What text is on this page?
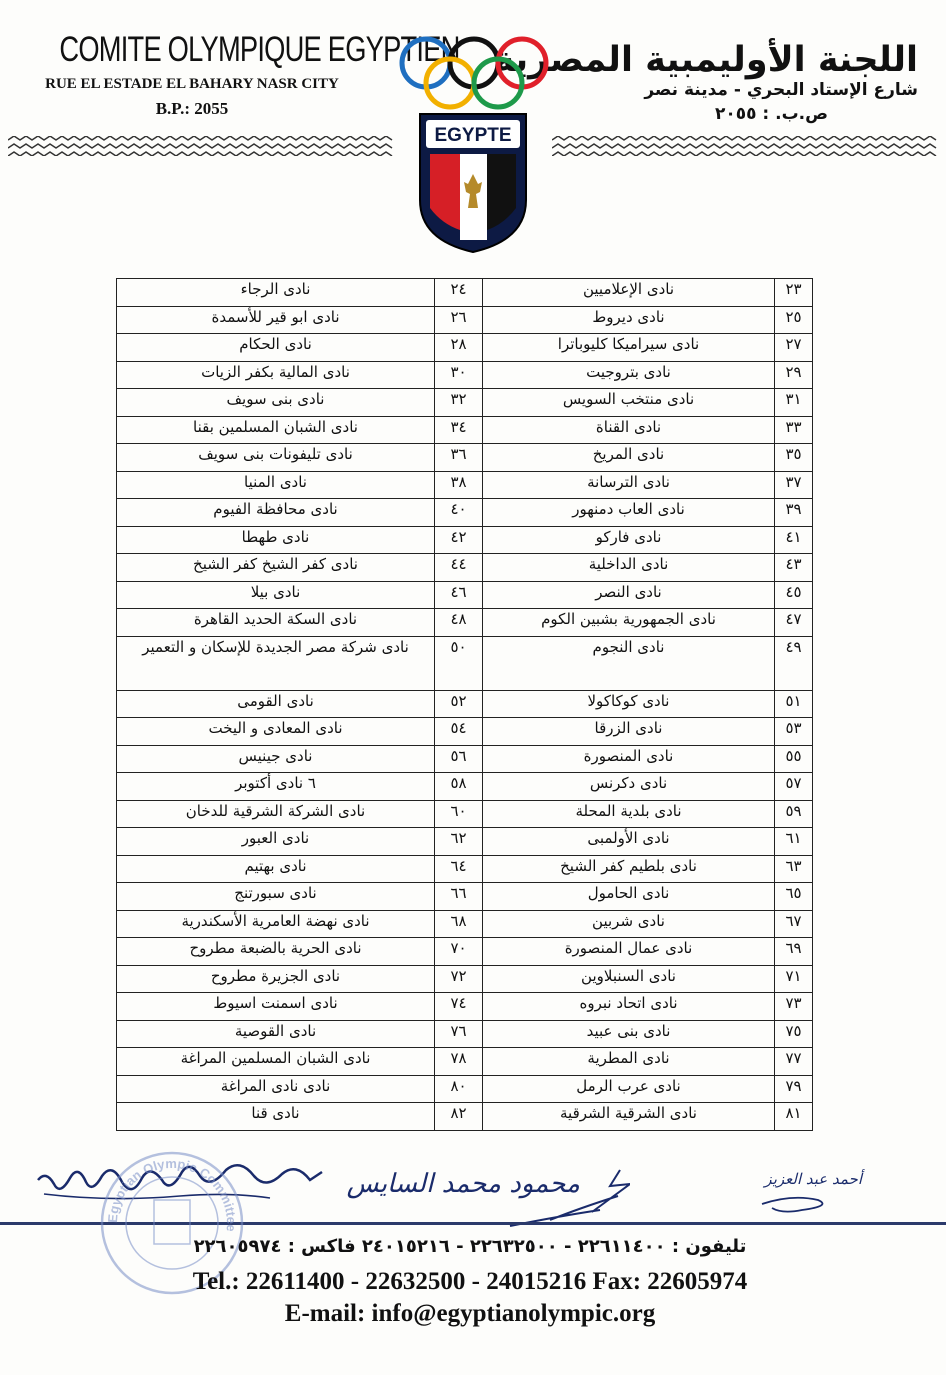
COMITE OLYMPIQUE EGYPTIEN
RUE EL ESTADE EL BAHARY NASR CITY
B.P.: 2055
اللجنة الأوليمبية المصرية
شارع الإستاد البحري - مدينة نصر
ص.ب. : ٢٠٥٥
EGYPTE
٢٣	نادى الإعلاميين	٢٤	نادى الرجاء
٢٥	نادى ديروط	٢٦	نادى ابو قير للأسمدة
٢٧	نادى سيراميكا كليوباترا	٢٨	نادى الحكام
٢٩	نادى بتروجيت	٣٠	نادى المالية بكفر الزيات
٣١	نادى منتخب السويس	٣٢	نادى بنى سويف
٣٣	نادى القناة	٣٤	نادى الشبان المسلمين بقنا
٣٥	نادى المريخ	٣٦	نادى تليفونات بنى سويف
٣٧	نادى الترسانة	٣٨	نادى المنيا
٣٩	نادى العاب دمنهور	٤٠	نادى محافظة الفيوم
٤١	نادى فاركو	٤٢	نادى طهطا
٤٣	نادى الداخلية	٤٤	نادى كفر الشيخ كفر الشيخ
٤٥	نادى النصر	٤٦	نادى بيلا
٤٧	نادى الجمهورية بشبين الكوم	٤٨	نادى السكة الحديد القاهرة
٤٩	نادى النجوم	٥٠	نادى شركة مصر الجديدة للإسكان و التعمير
٥١	نادى كوكاكولا	٥٢	نادى القومى
٥٣	نادى الزرقا	٥٤	نادى المعادى و اليخت
٥٥	نادى المنصورة	٥٦	نادى جينيس
٥٧	نادى دكرنس	٥٨	٦ نادى أكتوبر
٥٩	نادى بلدية المحلة	٦٠	نادى الشركة الشرقية للدخان
٦١	نادى الأولمبى	٦٢	نادى العبور
٦٣	نادى بلطيم كفر الشيخ	٦٤	نادى بهتيم
٦٥	نادى الحامول	٦٦	نادى سبورتنج
٦٧	نادى شربين	٦٨	نادى نهضة العامرية الأسكندرية
٦٩	نادى عمال المنصورة	٧٠	نادى الحرية بالضبعة مطروح
٧١	نادى السنبلاوين	٧٢	نادى الجزيرة مطروح
٧٣	نادى اتحاد نبروه	٧٤	نادى اسمنت اسيوط
٧٥	نادى بنى عبيد	٧٦	نادى القوصية
٧٧	نادى المطرية	٧٨	نادى الشبان المسلمين المراغة
٧٩	نادى عرب الرمل	٨٠	نادى نادى المراغة
٨١	نادى الشرقية الشرقية	٨٢	نادى قنا
أحمد عبد العزيز
محمود محمد السايس
Egyptian Olympic Committee
تليفون : ٢٢٦١١٤٠٠ - ٢٢٦٣٢٥٠٠ - ٢٤٠١٥٢١٦ فاكس : ٢٢٦٠٥٩٧٤
Tel.: 22611400 - 22632500 - 24015216 Fax: 22605974
E-mail: info@egyptianolympic.org
